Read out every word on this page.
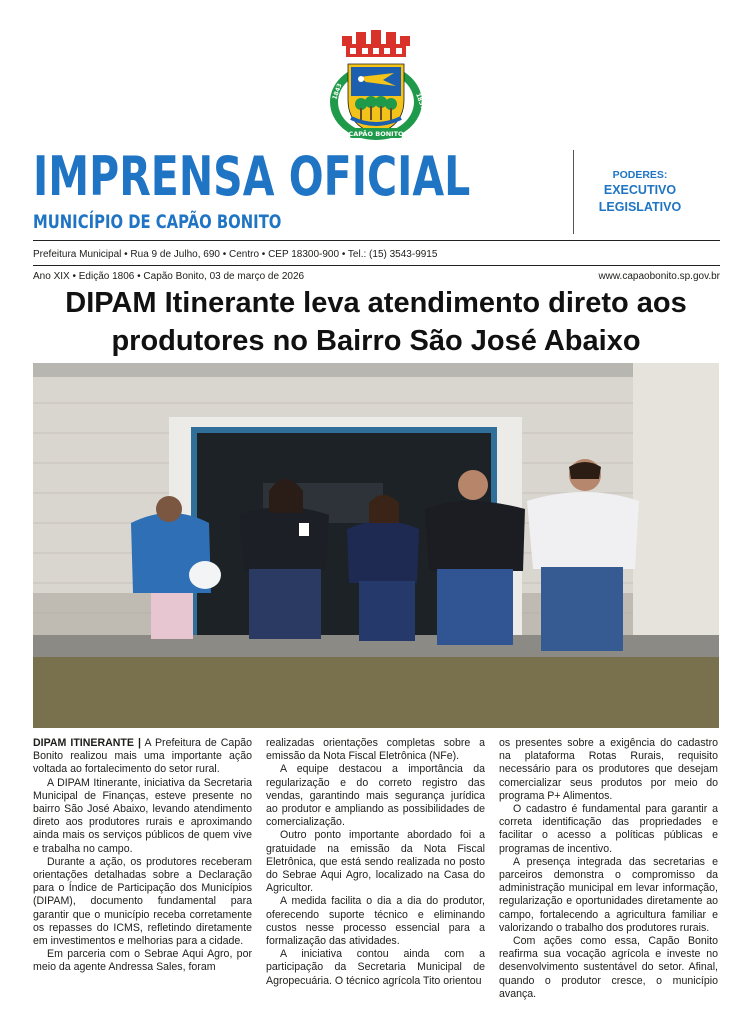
1843
1857
CAPÃO BONITO
IMPRENSA OFICIAL
MUNICÍPIO DE CAPÃO BONITO
PODERES:
EXECUTIVO
LEGISLATIVO
Prefeitura Municipal • Rua 9 de Julho, 690 • Centro • CEP 18300-900 • Tel.: (15) 3543-9915
Ano XIX • Edição 1806 • Capão Bonito, 03 de março de 2026	www.capaobonito.sp.gov.br
DIPAM Itinerante leva atendimento direto aos produtores no Bairro São José Abaixo

DIPAM ITINERANTE | A Prefeitura de Capão Bonito realizou mais uma importante ação voltada ao fortalecimento do setor rural.

A DIPAM Itinerante, iniciativa da Secretaria Municipal de Finanças, esteve presente no bairro São José Abaixo, levando atendimento direto aos produtores rurais e aproximando ainda mais os serviços públicos de quem vive e trabalha no campo.

Durante a ação, os produtores receberam orientações detalhadas sobre a Declaração para o Índice de Participação dos Municípios (DIPAM), documento fundamental para garantir que o município receba corretamente os repasses do ICMS, refletindo diretamente em investimentos e melhorias para a cidade.

Em parceria com o Sebrae Aqui Agro, por meio da agente Andressa Sales, foram

realizadas orientações completas sobre a emissão da Nota Fiscal Eletrônica (NFe).

A equipe destacou a importância da regularização e do correto registro das vendas, garantindo mais segurança jurídica ao produtor e ampliando as possibilidades de comercialização.

Outro ponto importante abordado foi a gratuidade na emissão da Nota Fiscal Eletrônica, que está sendo realizada no posto do Sebrae Aqui Agro, localizado na Casa do Agricultor.

A medida facilita o dia a dia do produtor, oferecendo suporte técnico e eliminando custos nesse processo essencial para a formalização das atividades.

A iniciativa contou ainda com a participação da Secretaria Municipal de Agropecuária. O técnico agrícola Tito orientou

os presentes sobre a exigência do cadastro na plataforma Rotas Rurais, requisito necessário para os produtores que desejam comercializar seus produtos por meio do programa P+ Alimentos.

O cadastro é fundamental para garantir a correta identificação das propriedades e facilitar o acesso a políticas públicas e programas de incentivo.

A presença integrada das secretarias e parceiros demonstra o compromisso da administração municipal em levar informação, regularização e oportunidades diretamente ao campo, fortalecendo a agricultura familiar e valorizando o trabalho dos produtores rurais.

Com ações como essa, Capão Bonito reafirma sua vocação agrícola e investe no desenvolvimento sustentável do setor. Afinal, quando o produtor cresce, o município avança.
